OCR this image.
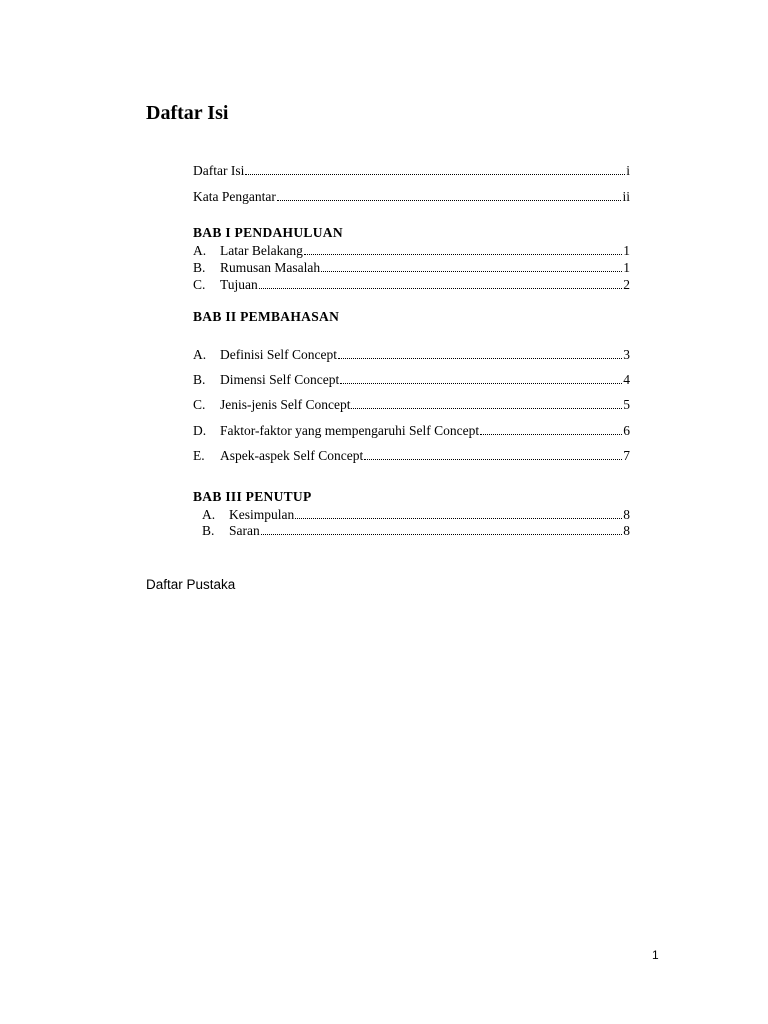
Daftar Isi
Daftar Isi	i
Kata Pengantar	ii
BAB I PENDAHULUAN
A.	Latar Belakang	1
B.	Rumusan Masalah	1
C.	Tujuan	2
BAB II PEMBAHASAN
A.	Definisi Self Concept	3
B.	Dimensi Self Concept	4
C.	Jenis-jenis Self Concept	5
D.	Faktor-faktor yang mempengaruhi Self Concept	6
E.	Aspek-aspek Self Concept	7
BAB III PENUTUP
A.	Kesimpulan	8
B.	Saran	8
Daftar Pustaka
1
